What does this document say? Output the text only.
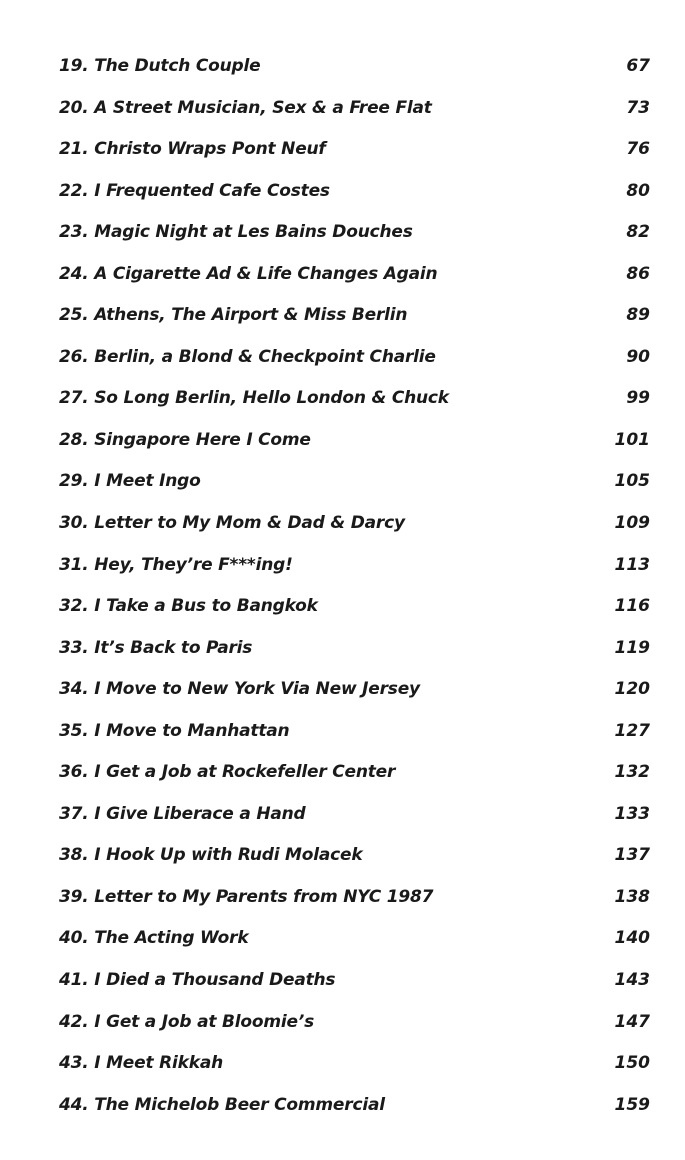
19. The Dutch Couple	67
20. A Street Musician, Sex & a Free Flat	73
21. Christo Wraps Pont Neuf	76
22. I Frequented Cafe Costes	80
23. Magic Night at Les Bains Douches	82
24. A Cigarette Ad & Life Changes Again	86
25. Athens, The Airport & Miss Berlin	89
26. Berlin, a Blond & Checkpoint Charlie	90
27. So Long Berlin, Hello London & Chuck	99
28. Singapore Here I Come	101
29. I Meet Ingo	105
30. Letter to My Mom & Dad & Darcy	109
31. Hey, They’re F***ing!	113
32. I Take a Bus to Bangkok	116
33. It’s Back to Paris	119
34. I Move to New York Via New Jersey	120
35. I Move to Manhattan	127
36. I Get a Job at Rockefeller Center	132
37. I Give Liberace a Hand	133
38. I Hook Up with Rudi Molacek	137
39. Letter to My Parents from NYC 1987	138
40. The Acting Work	140
41. I Died a Thousand Deaths	143
42. I Get a Job at Bloomie’s	147
43. I Meet Rikkah	150
44. The Michelob Beer Commercial	159
